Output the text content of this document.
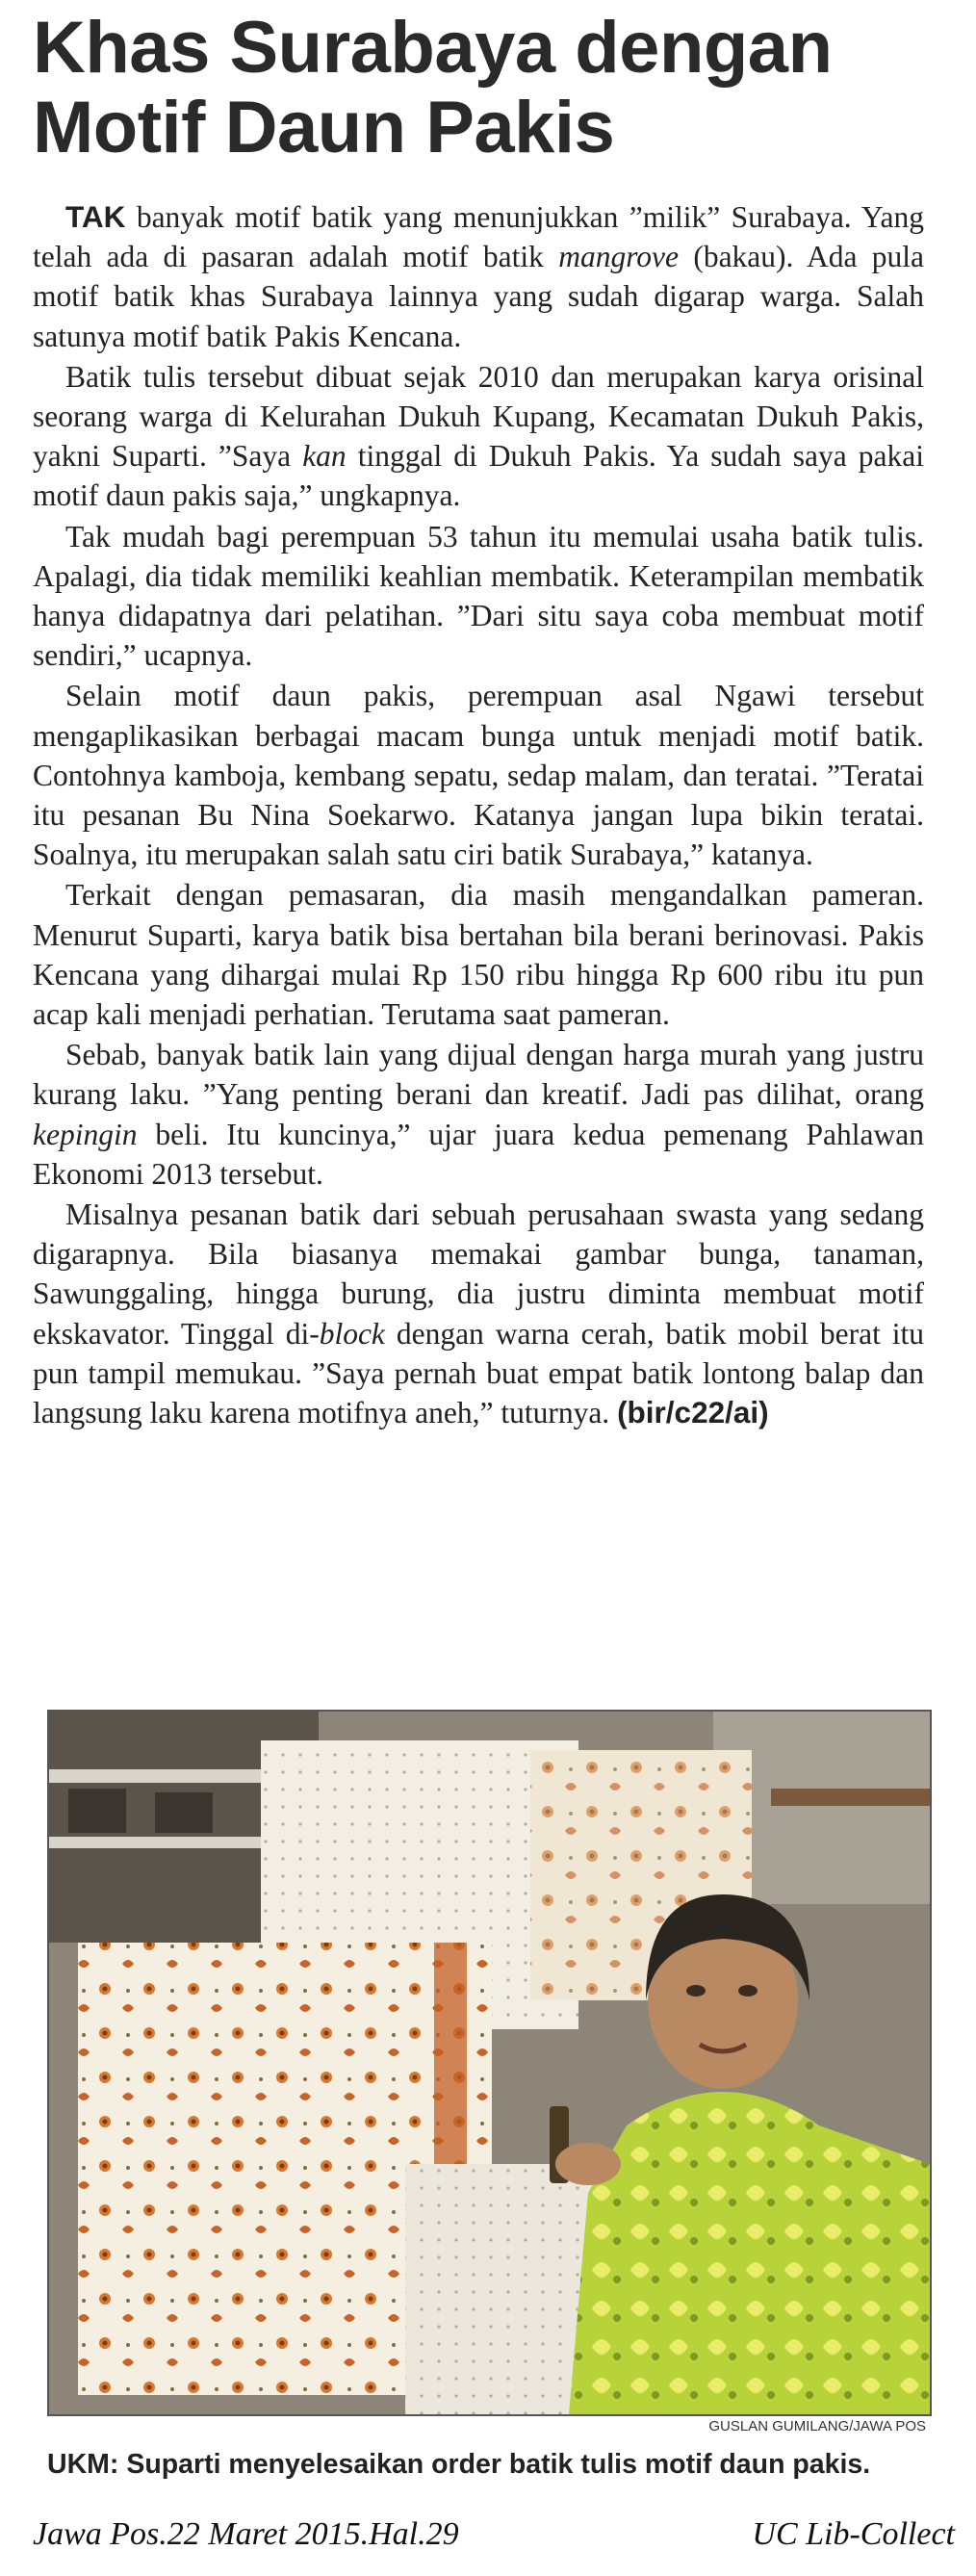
Khas Surabaya dengan Motif Daun Pakis

TAK banyak motif batik yang menunjukkan ”milik” Surabaya. Yang telah ada di pasaran adalah motif batik mangrove (bakau). Ada pula motif batik khas Surabaya lainnya yang sudah digarap warga. Salah satunya motif batik Pakis Kencana.

Batik tulis tersebut dibuat sejak 2010 dan merupakan karya orisinal seorang warga di Kelurahan Dukuh Kupang, Kecamatan Dukuh Pakis, yakni Suparti. ”Saya kan tinggal di Dukuh Pakis. Ya sudah saya pakai motif daun pakis saja,” ungkapnya.

Tak mudah bagi perempuan 53 tahun itu memulai usaha batik tulis. Apalagi, dia tidak memiliki keahlian membatik. Keterampilan membatik hanya didapatnya dari pelatihan. ”Dari situ saya coba membuat motif sendiri,” ucapnya.

Selain motif daun pakis, perempuan asal Ngawi tersebut mengaplikasikan berbagai macam bunga untuk menjadi motif batik. Contohnya kamboja, kembang sepatu, sedap malam, dan teratai. ”Teratai itu pesanan Bu Nina Soekarwo. Katanya jangan lupa bikin teratai. Soalnya, itu merupakan salah satu ciri batik Surabaya,” katanya.

Terkait dengan pemasaran, dia masih mengandalkan pameran. Menurut Suparti, karya batik bisa bertahan bila berani berinovasi. Pakis Kencana yang dihargai mulai Rp 150 ribu hingga Rp 600 ribu itu pun acap kali menjadi perhatian. Terutama saat pameran.

Sebab, banyak batik lain yang dijual dengan harga murah yang justru kurang laku. ”Yang penting berani dan kreatif. Jadi pas dilihat, orang kepingin beli. Itu kuncinya,” ujar juara kedua pemenang Pahlawan Ekonomi 2013 tersebut.

Misalnya pesanan batik dari sebuah perusahaan swasta yang sedang digarapnya. Bila biasanya memakai gambar bunga, tanaman, Sawunggaling, hingga burung, dia justru diminta membuat motif ekskavator. Tinggal di-block dengan warna cerah, batik mobil berat itu pun tampil memukau. ”Saya pernah buat empat batik lontong balap dan langsung laku karena motifnya aneh,” tuturnya. (bir/c22/ai)

GUSLAN GUMILANG/JAWA POS

UKM: Suparti menyelesaikan order batik tulis motif daun pakis.

Jawa Pos.22 Maret 2015.Hal.29	UC Lib-Collect
